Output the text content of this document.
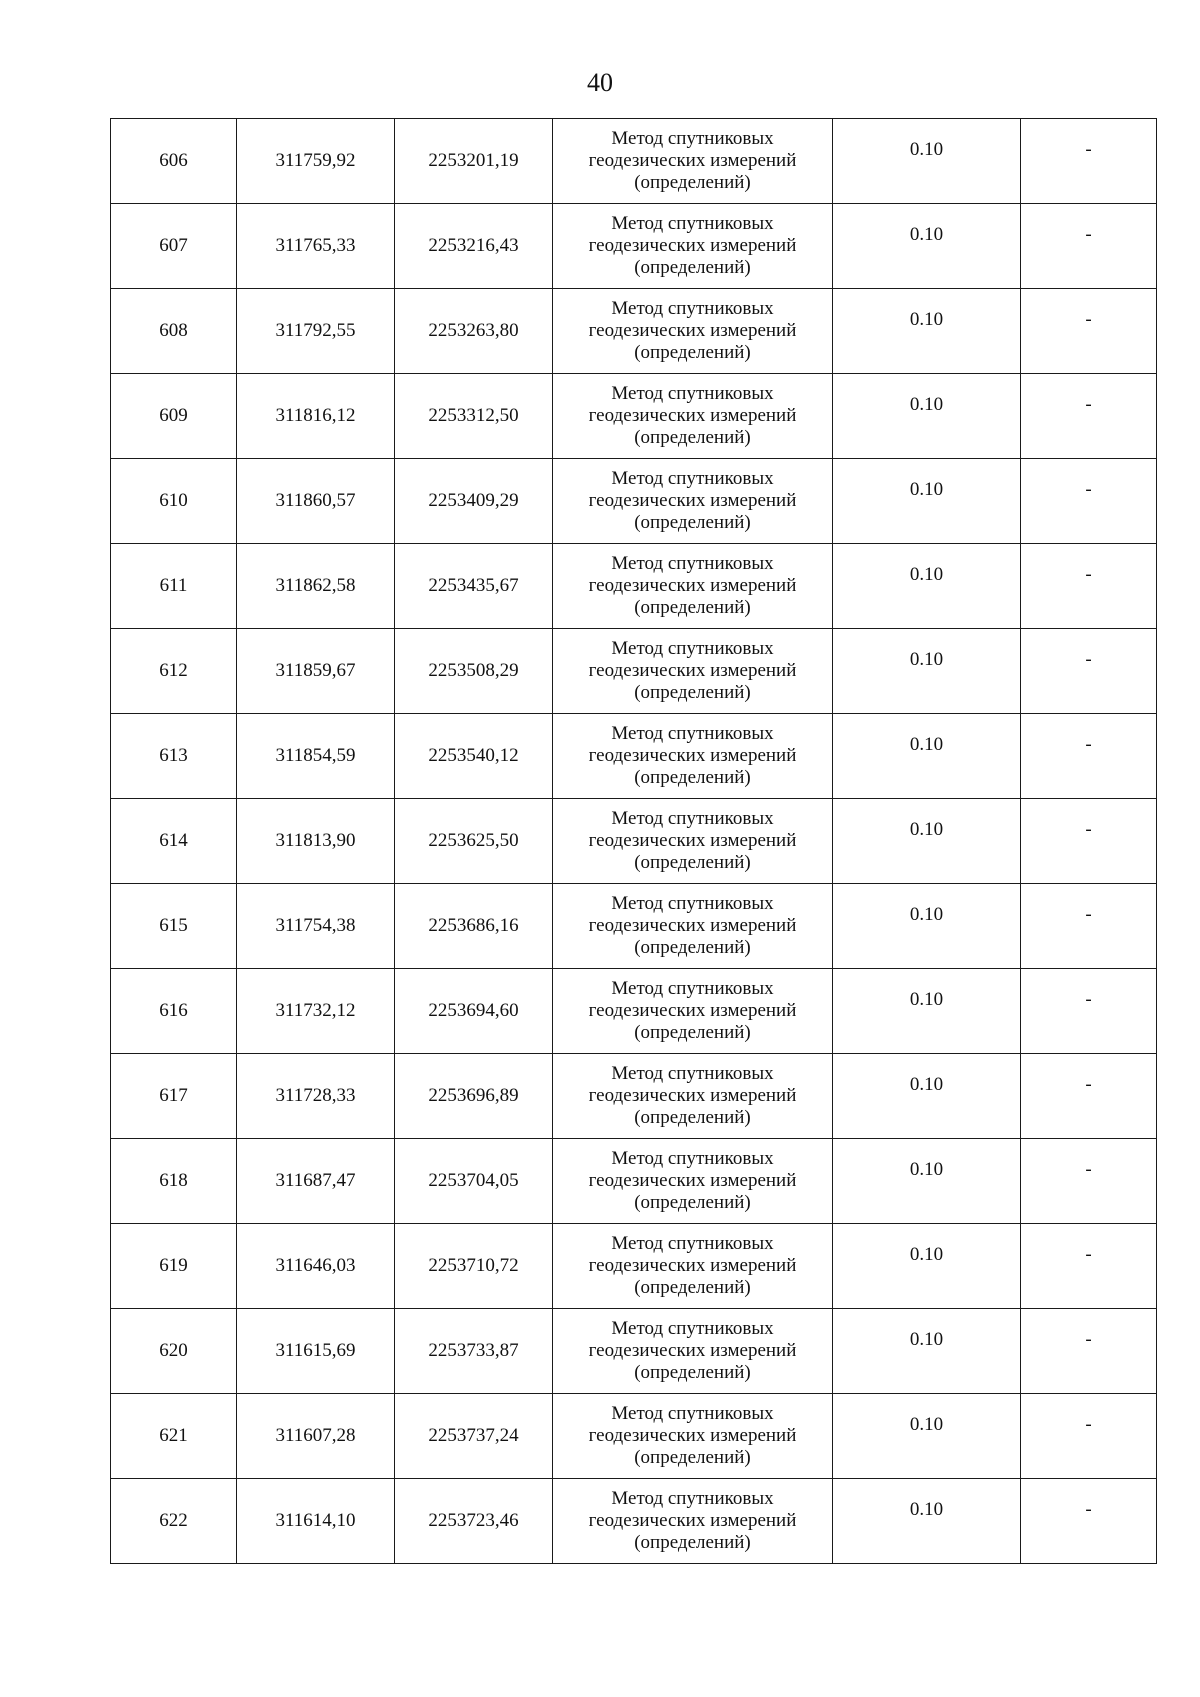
40
606	311759,92	2253201,19	Метод спутниковых
геодезических измерений
(определений)	0.10	-
607	311765,33	2253216,43	Метод спутниковых
геодезических измерений
(определений)	0.10	-
608	311792,55	2253263,80	Метод спутниковых
геодезических измерений
(определений)	0.10	-
609	311816,12	2253312,50	Метод спутниковых
геодезических измерений
(определений)	0.10	-
610	311860,57	2253409,29	Метод спутниковых
геодезических измерений
(определений)	0.10	-
611	311862,58	2253435,67	Метод спутниковых
геодезических измерений
(определений)	0.10	-
612	311859,67	2253508,29	Метод спутниковых
геодезических измерений
(определений)	0.10	-
613	311854,59	2253540,12	Метод спутниковых
геодезических измерений
(определений)	0.10	-
614	311813,90	2253625,50	Метод спутниковых
геодезических измерений
(определений)	0.10	-
615	311754,38	2253686,16	Метод спутниковых
геодезических измерений
(определений)	0.10	-
616	311732,12	2253694,60	Метод спутниковых
геодезических измерений
(определений)	0.10	-
617	311728,33	2253696,89	Метод спутниковых
геодезических измерений
(определений)	0.10	-
618	311687,47	2253704,05	Метод спутниковых
геодезических измерений
(определений)	0.10	-
619	311646,03	2253710,72	Метод спутниковых
геодезических измерений
(определений)	0.10	-
620	311615,69	2253733,87	Метод спутниковых
геодезических измерений
(определений)	0.10	-
621	311607,28	2253737,24	Метод спутниковых
геодезических измерений
(определений)	0.10	-
622	311614,10	2253723,46	Метод спутниковых
геодезических измерений
(определений)	0.10	-
